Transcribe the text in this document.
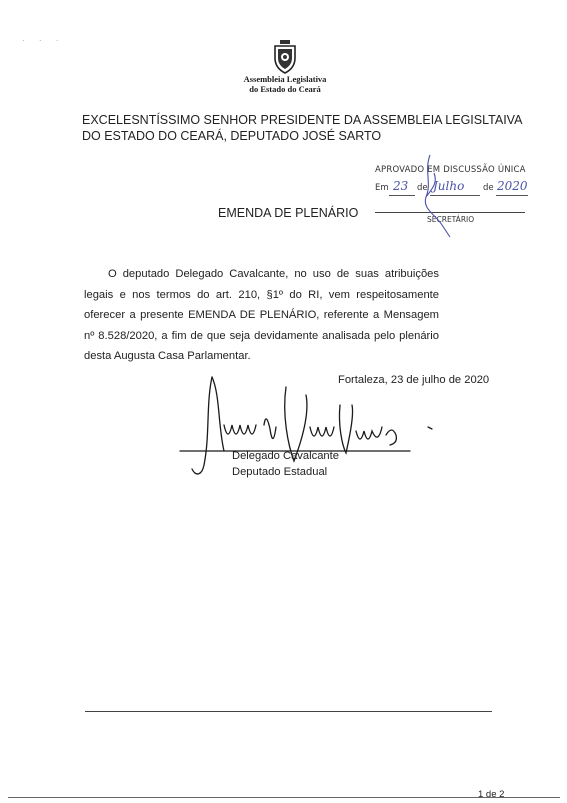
· · ·
Assembleia Legislativa
do Estado do Ceará
EXCELESNTÍSSIMO SENHOR PRESIDENTE DA ASSEMBLEIA LEGISLTAIVA
DO ESTADO DO CEARÁ, DEPUTADO JOSÉ SARTO
APROVADO EM DISCUSSÃO ÚNICA
Em 23 de Julho de 2020
SECRETÁRIO
EMENDA DE PLENÁRIO
O deputado Delegado Cavalcante, no uso de suas atribuições legais e nos termos do art. 210, §1º do RI, vem respeitosamente oferecer a presente EMENDA DE PLENÁRIO, referente a Mensagem nº 8.528/2020, a fim de que seja devidamente analisada pelo plenário desta Augusta Casa Parlamentar.
Fortaleza, 23 de julho de 2020
Delegado Cavalcante
Deputado Estadual
1 de 2
